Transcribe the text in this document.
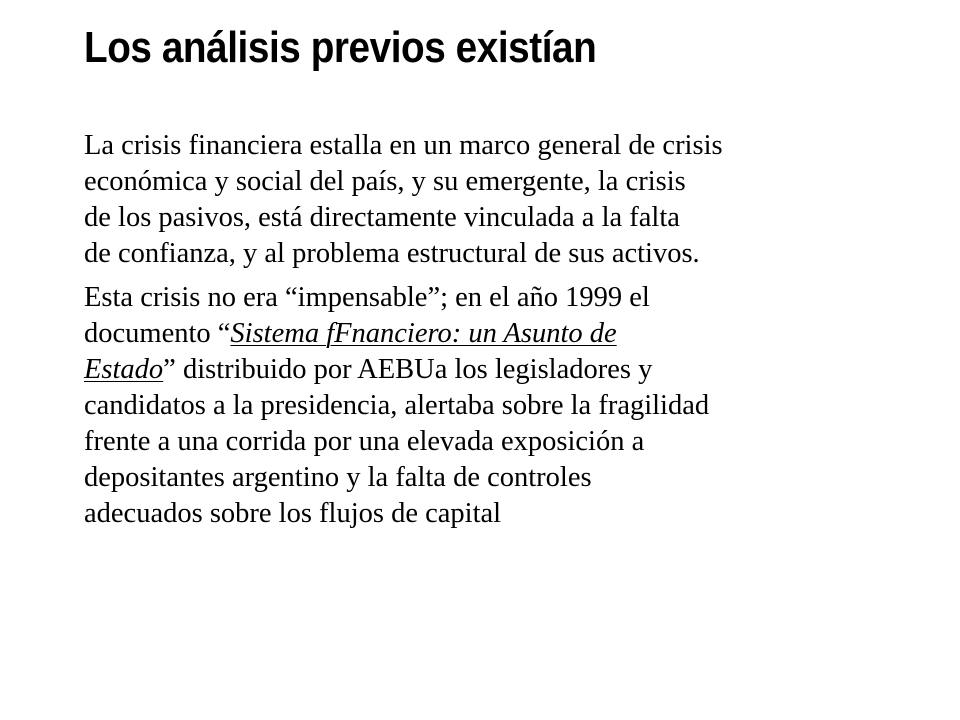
Los análisis previos existían

La crisis financiera estalla en un marco general de crisis
económica y social del país, y su emergente, la crisis
de los pasivos, está directamente vinculada a la falta
de confianza, y al problema estructural de sus activos.

Esta crisis no era “impensable”; en el año 1999 el
documento “Sistema fFnanciero: un Asunto de
Estado” distribuido por AEBUa los legisladores y
candidatos a la presidencia, alertaba sobre la fragilidad
frente a una corrida por una elevada exposición a
depositantes argentino y la falta de controles
adecuados sobre los flujos de capital
